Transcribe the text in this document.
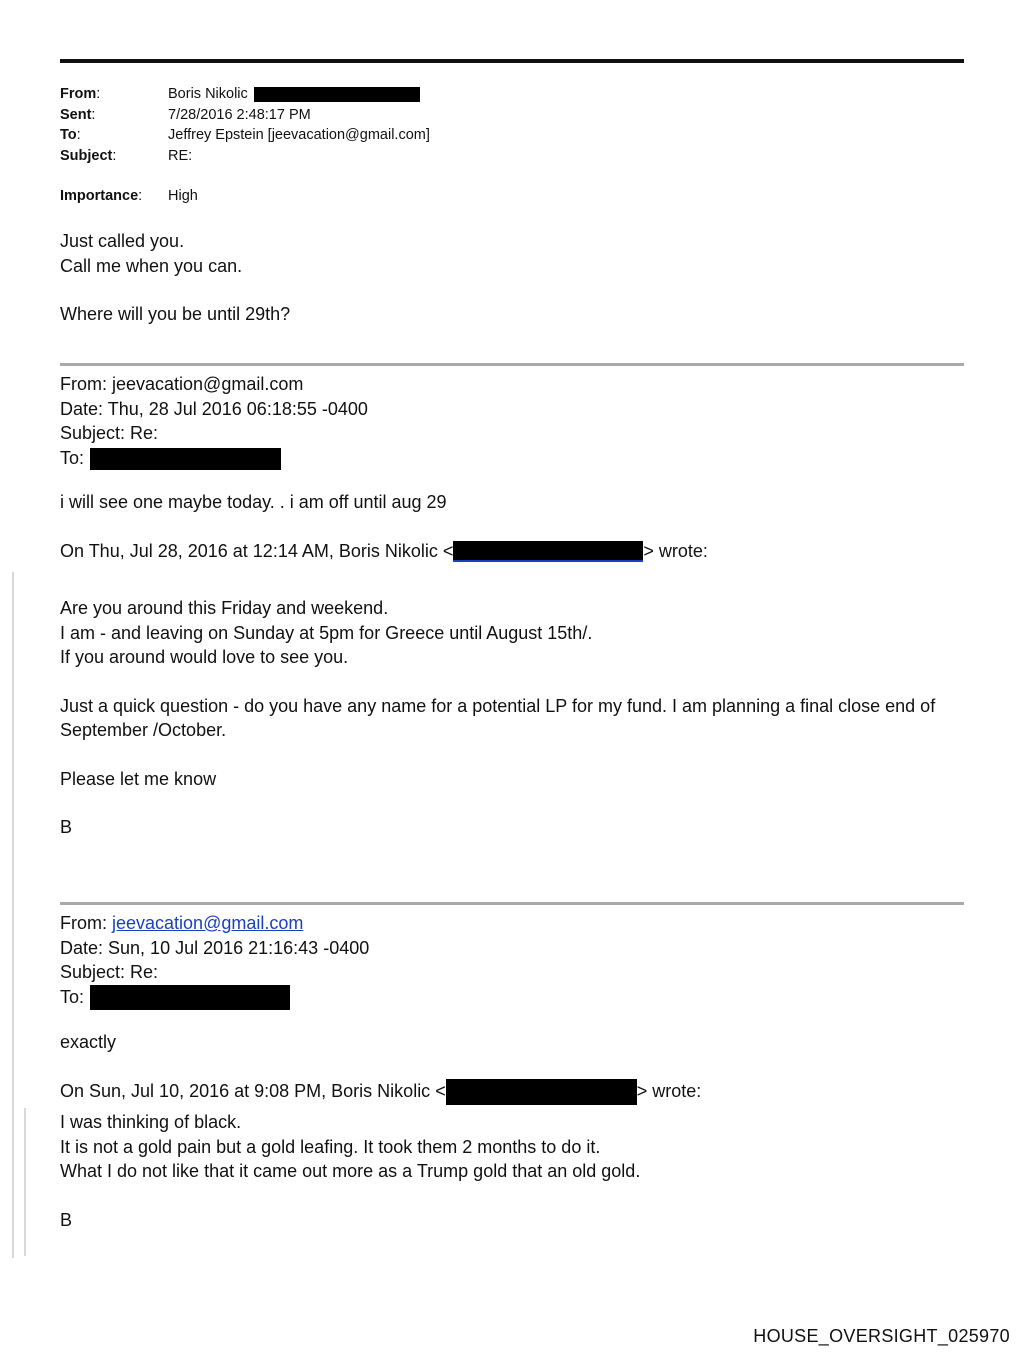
From:	Boris Nikolic
Sent:	7/28/2016 2:48:17 PM
To:	Jeffrey Epstein [jeevacation@gmail.com]
Subject:	RE:
Importance:	High

Just called you.

Call me when you can.

Where will you be until 29th?

From: jeevacation@gmail.com

Date: Thu, 28 Jul 2016 06:18:55 -0400

Subject: Re:

To:

i will see one maybe today. . i am off until aug 29

On Thu, Jul 28, 2016 at 12:14 AM, Boris Nikolic <	> wrote:

Are you around this Friday and weekend.

I am - and leaving on Sunday at 5pm for Greece until August 15th/.

If you around would love to see you.

Just a quick question - do you have any name for a potential LP for my fund. I am planning a final close end of

September /October.

Please let me know

B

From: jeevacation@gmail.com

Date: Sun, 10 Jul 2016 21:16:43 -0400

Subject: Re:

To:

exactly

On Sun, Jul 10, 2016 at 9:08 PM, Boris Nikolic <	> wrote:

I was thinking of black.

It is not a gold pain but a gold leafing. It took them 2 months to do it.

What I do not like that it came out more as a Trump gold that an old gold.

B

HOUSE_OVERSIGHT_025970
